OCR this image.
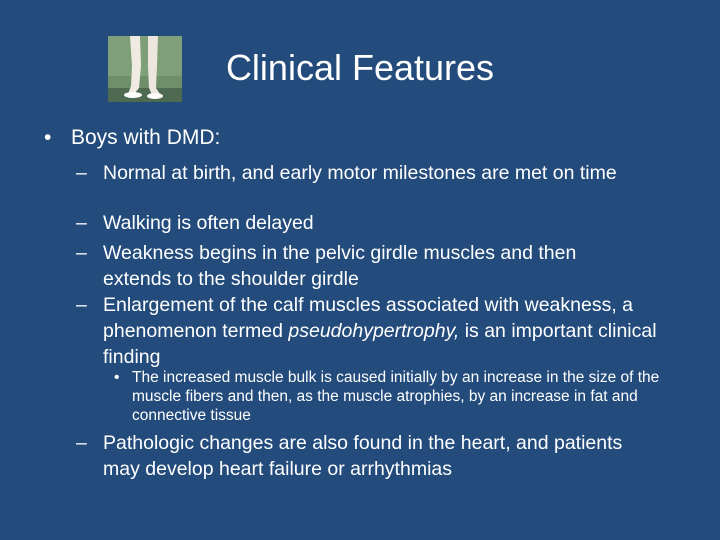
Clinical Features
• Boys with DMD:
– Normal at birth, and early motor milestones are met on time
– Walking is often delayed
– Weakness begins in the pelvic girdle muscles and then extends to the shoulder girdle
– Enlargement of the calf muscles associated with weakness, a phenomenon termed pseudohypertrophy, is an important clinical finding
• The increased muscle bulk is caused initially by an increase in the size of the muscle fibers and then, as the muscle atrophies, by an increase in fat and connective tissue
– Pathologic changes are also found in the heart, and patients may develop heart failure or arrhythmias
